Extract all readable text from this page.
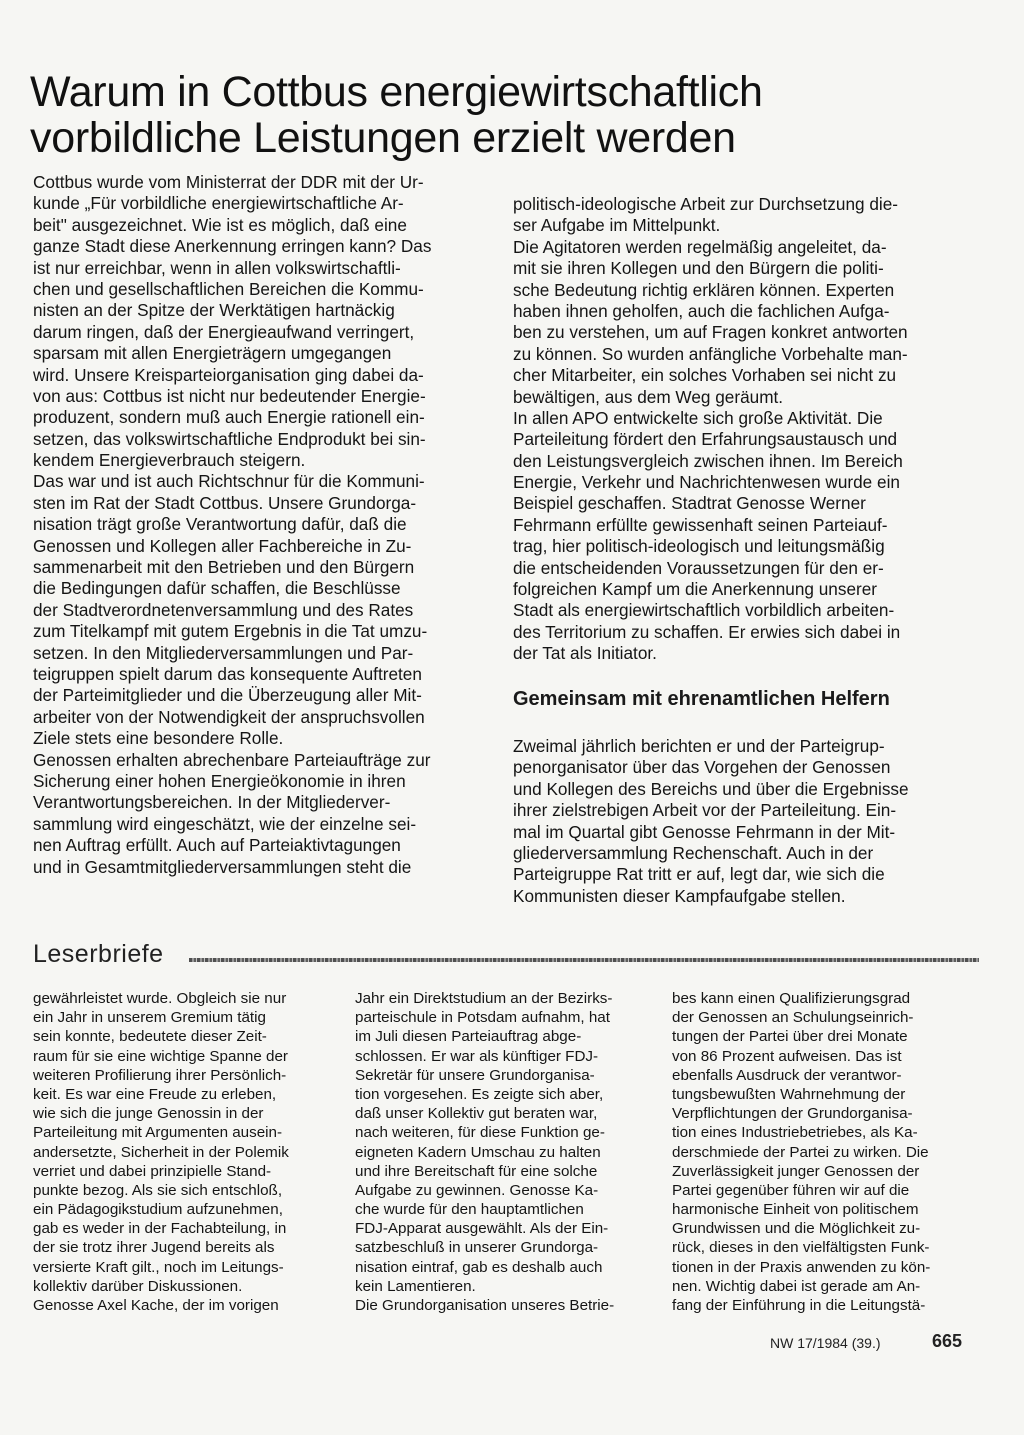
Warum in Cottbus energiewirtschaftlich
vorbildliche Leistungen erzielt werden
Cottbus wurde vom Ministerrat der DDR mit der Ur-
kunde „Für vorbildliche energiewirtschaftliche Ar-
beit" ausgezeichnet. Wie ist es möglich, daß eine
ganze Stadt diese Anerkennung erringen kann? Das
ist nur erreichbar, wenn in allen volkswirtschaftli-
chen und gesellschaftlichen Bereichen die Kommu-
nisten an der Spitze der Werktätigen hartnäckig
darum ringen, daß der Energieaufwand verringert,
sparsam mit allen Energieträgern umgegangen
wird. Unsere Kreisparteiorganisation ging dabei da-
von aus: Cottbus ist nicht nur bedeutender Energie-
produzent, sondern muß auch Energie rationell ein-
setzen, das volkswirtschaftliche Endprodukt bei sin-
kendem Energieverbrauch steigern.
Das war und ist auch Richtschnur für die Kommuni-
sten im Rat der Stadt Cottbus. Unsere Grundorga-
nisation trägt große Verantwortung dafür, daß die
Genossen und Kollegen aller Fachbereiche in Zu-
sammenarbeit mit den Betrieben und den Bürgern
die Bedingungen dafür schaffen, die Beschlüsse
der Stadtverordnetenversammlung und des Rates
zum Titelkampf mit gutem Ergebnis in die Tat umzu-
setzen. In den Mitgliederversammlungen und Par-
teigruppen spielt darum das konsequente Auftreten
der Parteimitglieder und die Überzeugung aller Mit-
arbeiter von der Notwendigkeit der anspruchsvollen
Ziele stets eine besondere Rolle.
Genossen erhalten abrechenbare Parteiaufträge zur
Sicherung einer hohen Energieökonomie in ihren
Verantwortungsbereichen. In der Mitgliederver-
sammlung wird eingeschätzt, wie der einzelne sei-
nen Auftrag erfüllt. Auch auf Parteiaktivtagungen
und in Gesamtmitgliederversammlungen steht die
politisch-ideologische Arbeit zur Durchsetzung die-
ser Aufgabe im Mittelpunkt.
Die Agitatoren werden regelmäßig angeleitet, da-
mit sie ihren Kollegen und den Bürgern die politi-
sche Bedeutung richtig erklären können. Experten
haben ihnen geholfen, auch die fachlichen Aufga-
ben zu verstehen, um auf Fragen konkret antworten
zu können. So wurden anfängliche Vorbehalte man-
cher Mitarbeiter, ein solches Vorhaben sei nicht zu
bewältigen, aus dem Weg geräumt.
In allen APO entwickelte sich große Aktivität. Die
Parteileitung fördert den Erfahrungsaustausch und
den Leistungsvergleich zwischen ihnen. Im Bereich
Energie, Verkehr und Nachrichtenwesen wurde ein
Beispiel geschaffen. Stadtrat Genosse Werner
Fehrmann erfüllte gewissenhaft seinen Parteiauf-
trag, hier politisch-ideologisch und leitungsmäßig
die entscheidenden Voraussetzungen für den er-
folgreichen Kampf um die Anerkennung unserer
Stadt als energiewirtschaftlich vorbildlich arbeiten-
des Territorium zu schaffen. Er erwies sich dabei in
der Tat als Initiator.
Gemeinsam mit ehrenamtlichen Helfern
Zweimal jährlich berichten er und der Parteigrup-
penorganisator über das Vorgehen der Genossen
und Kollegen des Bereichs und über die Ergebnisse
ihrer zielstrebigen Arbeit vor der Parteileitung. Ein-
mal im Quartal gibt Genosse Fehrmann in der Mit-
gliederversammlung Rechenschaft. Auch in der
Parteigruppe Rat tritt er auf, legt dar, wie sich die
Kommunisten dieser Kampfaufgabe stellen.
Leserbriefe
gewährleistet wurde. Obgleich sie nur
ein Jahr in unserem Gremium tätig
sein konnte, bedeutete dieser Zeit-
raum für sie eine wichtige Spanne der
weiteren Profilierung ihrer Persönlich-
keit. Es war eine Freude zu erleben,
wie sich die junge Genossin in der
Parteileitung mit Argumenten ausein-
andersetzte, Sicherheit in der Polemik
verriet und dabei prinzipielle Stand-
punkte bezog. Als sie sich entschloß,
ein Pädagogikstudium aufzunehmen,
gab es weder in der Fachabteilung, in
der sie trotz ihrer Jugend bereits als
versierte Kraft gilt., noch im Leitungs-
kollektiv darüber Diskussionen.
Genosse Axel Kache, der im vorigen
Jahr ein Direktstudium an der Bezirks-
parteischule in Potsdam aufnahm, hat
im Juli diesen Parteiauftrag abge-
schlossen. Er war als künftiger FDJ-
Sekretär für unsere Grundorganisa-
tion vorgesehen. Es zeigte sich aber,
daß unser Kollektiv gut beraten war,
nach weiteren, für diese Funktion ge-
eigneten Kadern Umschau zu halten
und ihre Bereitschaft für eine solche
Aufgabe zu gewinnen. Genosse Ka-
che wurde für den hauptamtlichen
FDJ-Apparat ausgewählt. Als der Ein-
satzbeschluß in unserer Grundorga-
nisation eintraf, gab es deshalb auch
kein Lamentieren.
Die Grundorganisation unseres Betrie-
bes kann einen Qualifizierungsgrad
der Genossen an Schulungseinrich-
tungen der Partei über drei Monate
von 86 Prozent aufweisen. Das ist
ebenfalls Ausdruck der verantwor-
tungsbewußten Wahrnehmung der
Verpflichtungen der Grundorganisa-
tion eines Industriebetriebes, als Ka-
derschmiede der Partei zu wirken. Die
Zuverlässigkeit junger Genossen der
Partei gegenüber führen wir auf die
harmonische Einheit von politischem
Grundwissen und die Möglichkeit zu-
rück, dieses in den vielfältigsten Funk-
tionen in der Praxis anwenden zu kön-
nen. Wichtig dabei ist gerade am An-
fang der Einführung in die Leitungstä-
NW 17/1984 (39.)	665
